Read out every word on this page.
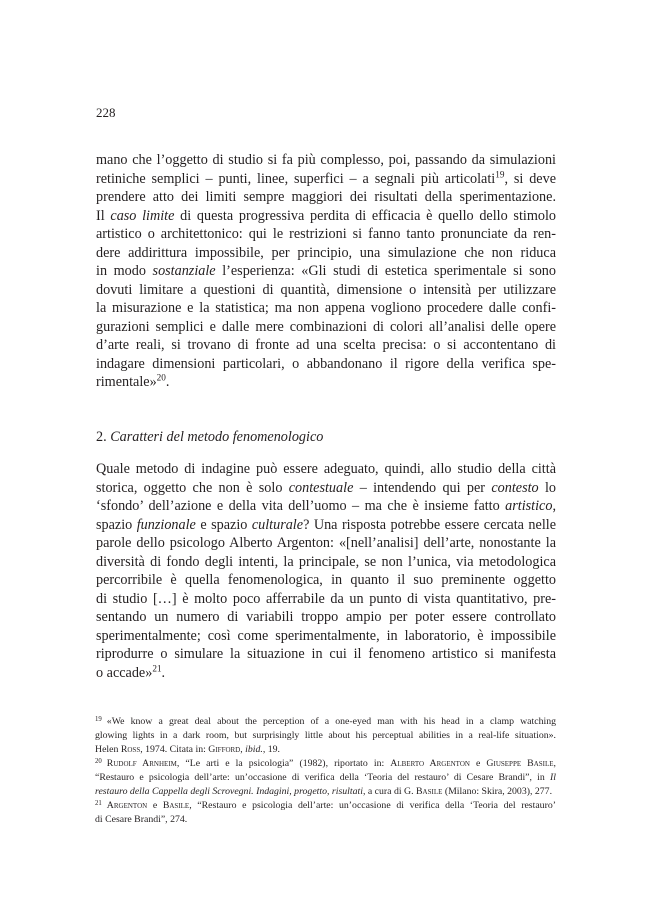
228
mano che l’oggetto di studio si fa più complesso, poi, passando da simulazioni
retiniche semplici – punti, linee, superfici – a segnali più articolati$^{19}$, si deve
prendere atto dei limiti sempre maggiori dei risultati della sperimentazione.
Il caso limite di questa progressiva perdita di efficacia è quello dello stimolo
artistico o architettonico: qui le restrizioni si fanno tanto pronunciate da ren-
dere addirittura impossibile, per principio, una simulazione che non riduca
in modo sostanziale l’esperienza: «Gli studi di estetica sperimentale si sono
dovuti limitare a questioni di quantità, dimensione o intensità per utilizzare
la misurazione e la statistica; ma non appena vogliono procedere dalle confi-
gurazioni semplici e dalle mere combinazioni di colori all’analisi delle opere
d’arte reali, si trovano di fronte ad una scelta precisa: o si accontentano di
indagare dimensioni particolari, o abbandonano il rigore della verifica spe-
rimentale»$^{20}$.
2. Caratteri del metodo fenomenologico
Quale metodo di indagine può essere adeguato, quindi, allo studio della città
storica, oggetto che non è solo contestuale – intendendo qui per contesto lo
‘sfondo’ dell’azione e della vita dell’uomo – ma che è insieme fatto artistico,
spazio funzionale e spazio culturale? Una risposta potrebbe essere cercata nelle
parole dello psicologo Alberto Argenton: «[nell’analisi] dell’arte, nonostante la
diversità di fondo degli intenti, la principale, se non l’unica, via metodologica
percorribile è quella fenomenologica, in quanto il suo preminente oggetto
di studio […] è molto poco afferrabile da un punto di vista quantitativo, pre-
sentando un numero di variabili troppo ampio per poter essere controllato
sperimentalmente; così come sperimentalmente, in laboratorio, è impossibile
riprodurre o simulare la situazione in cui il fenomeno artistico si manifesta
o accade»$^{21}$.
$^{19}$ «We know a great deal about the perception of a one-eyed man with his head in a clamp watching
glowing lights in a dark room, but surprisingly little about his perceptual abilities in a real-life situation».
Helen Ross, 1974. Citata in: Gifford, ibid., 19.
$^{20}$ Rudolf Arnheim, “Le arti e la psicologia” (1982), riportato in: Alberto Argenton e Giuseppe Basile,
“Restauro e psicologia dell’arte: un’occasione di verifica della ‘Teoria del restauro’ di Cesare Brandi”, in Il
restauro della Cappella degli Scrovegni. Indagini, progetto, risultati, a cura di G. Basile (Milano: Skira, 2003), 277.
$^{21}$ Argenton e Basile, “Restauro e psicologia dell’arte: un’occasione di verifica della ‘Teoria del restauro’
di Cesare Brandi”, 274.
